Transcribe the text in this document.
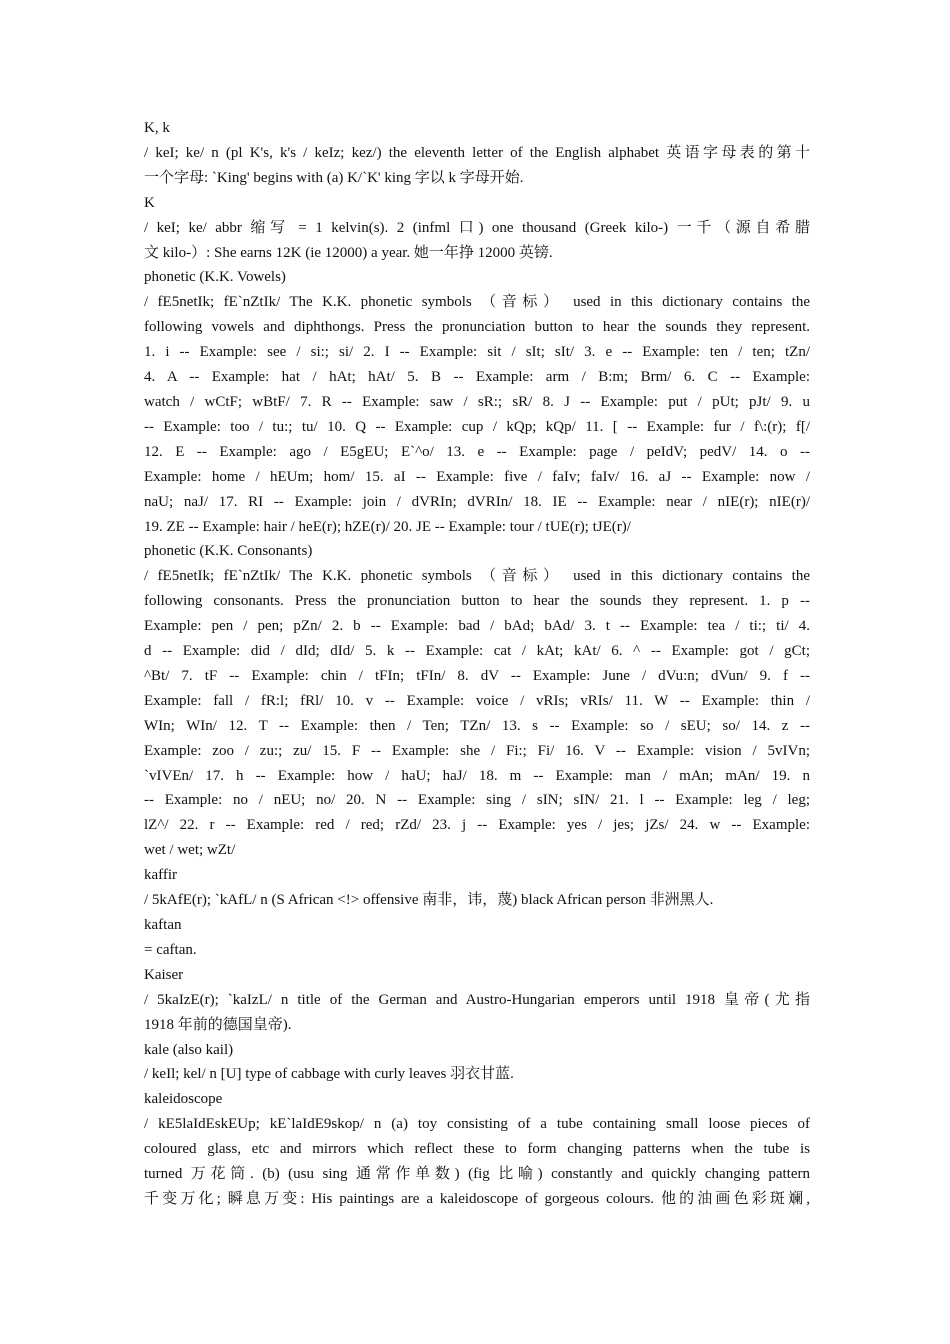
K, k
/ keI; ke/ n (pl K's, k's / keIz; kez/) the eleventh letter of the English alphabet 英语字母表的第十
一个字母: `King' begins with (a) K/`K' king 字以 k 字母开始.
K
/ keI; ke/ abbr 缩写 = 1 kelvin(s). 2 (infml 口) one thousand (Greek kilo-) 一千（源自希腊
文 kilo-）: She earns 12K (ie 12000) a year. 她一年挣 12000 英镑.
phonetic (K.K. Vowels)
/ fE5netIk; fE`nZtIk/ The K.K. phonetic symbols （音标） used in this dictionary contains the
following vowels and diphthongs. Press the pronunciation button to hear the sounds they represent.
1. i -- Example: see / si:; si/ 2. I -- Example: sit / sIt; sIt/ 3. e -- Example: ten / ten; tZn/
4. A -- Example: hat / hAt; hAt/ 5. B -- Example: arm / B:m; Brm/ 6. C -- Example:
watch / wCtF; wBtF/ 7. R -- Example: saw / sR:; sR/ 8. J -- Example: put / pUt; pJt/ 9. u
-- Example: too / tu:; tu/ 10. Q -- Example: cup / kQp; kQp/ 11. [ -- Example: fur / f\:(r); f[/
12. E -- Example: ago / E5gEU; E`^o/ 13. e -- Example: page / peIdV; pedV/ 14. o --
Example: home / hEUm; hom/ 15. aI -- Example: five / faIv; faIv/ 16. aJ -- Example: now /
naU; naJ/ 17. RI -- Example: join / dVRIn; dVRIn/ 18. IE -- Example: near / nIE(r); nIE(r)/
19. ZE -- Example: hair / heE(r); hZE(r)/ 20. JE -- Example: tour / tUE(r); tJE(r)/
phonetic (K.K. Consonants)
/ fE5netIk; fE`nZtIk/ The K.K. phonetic symbols （音标） used in this dictionary contains the
following consonants. Press the pronunciation button to hear the sounds they represent. 1. p --
Example: pen / pen; pZn/ 2. b -- Example: bad / bAd; bAd/ 3. t -- Example: tea / ti:; ti/ 4.
d -- Example: did / dId; dId/ 5. k -- Example: cat / kAt; kAt/ 6. ^ -- Example: got / gCt;
^Bt/ 7. tF -- Example: chin / tFIn; tFIn/ 8. dV -- Example: June / dVu:n; dVun/ 9. f --
Example: fall / fR:l; fRl/ 10. v -- Example: voice / vRIs; vRIs/ 11. W -- Example: thin /
WIn; WIn/ 12. T -- Example: then / Ten; TZn/ 13. s -- Example: so / sEU; so/ 14. z --
Example: zoo / zu:; zu/ 15. F -- Example: she / Fi:; Fi/ 16. V -- Example: vision / 5vIVn;
`vIVEn/ 17. h -- Example: how / haU; haJ/ 18. m -- Example: man / mAn; mAn/ 19. n
-- Example: no / nEU; no/ 20. N -- Example: sing / sIN; sIN/ 21. l -- Example: leg / leg;
lZ^/ 22. r -- Example: red / red; rZd/ 23. j -- Example: yes / jes; jZs/ 24. w -- Example:
wet / wet; wZt/
kaffir
/ 5kAfE(r); `kAfL/ n (S African <!> offensive 南非，讳，蔑) black African person 非洲黑人.
kaftan
= caftan.
Kaiser
/ 5kaIzE(r); `kaIzL/ n title of the German and Austro-Hungarian emperors until 1918 皇帝(尤指
1918 年前的德国皇帝).
kale (also kail)
/ keIl; kel/ n [U] type of cabbage with curly leaves 羽衣甘蓝.
kaleidoscope
/ kE5laIdEskEUp; kE`laIdE9skop/ n (a) toy consisting of a tube containing small loose pieces of
coloured glass, etc and mirrors which reflect these to form changing patterns when the tube is
turned 万花筒. (b) (usu sing 通常作单数) (fig 比喻) constantly and quickly changing pattern
千变万化; 瞬息万变: His paintings are a kaleidoscope of gorgeous colours. 他的油画色彩斑斓,
